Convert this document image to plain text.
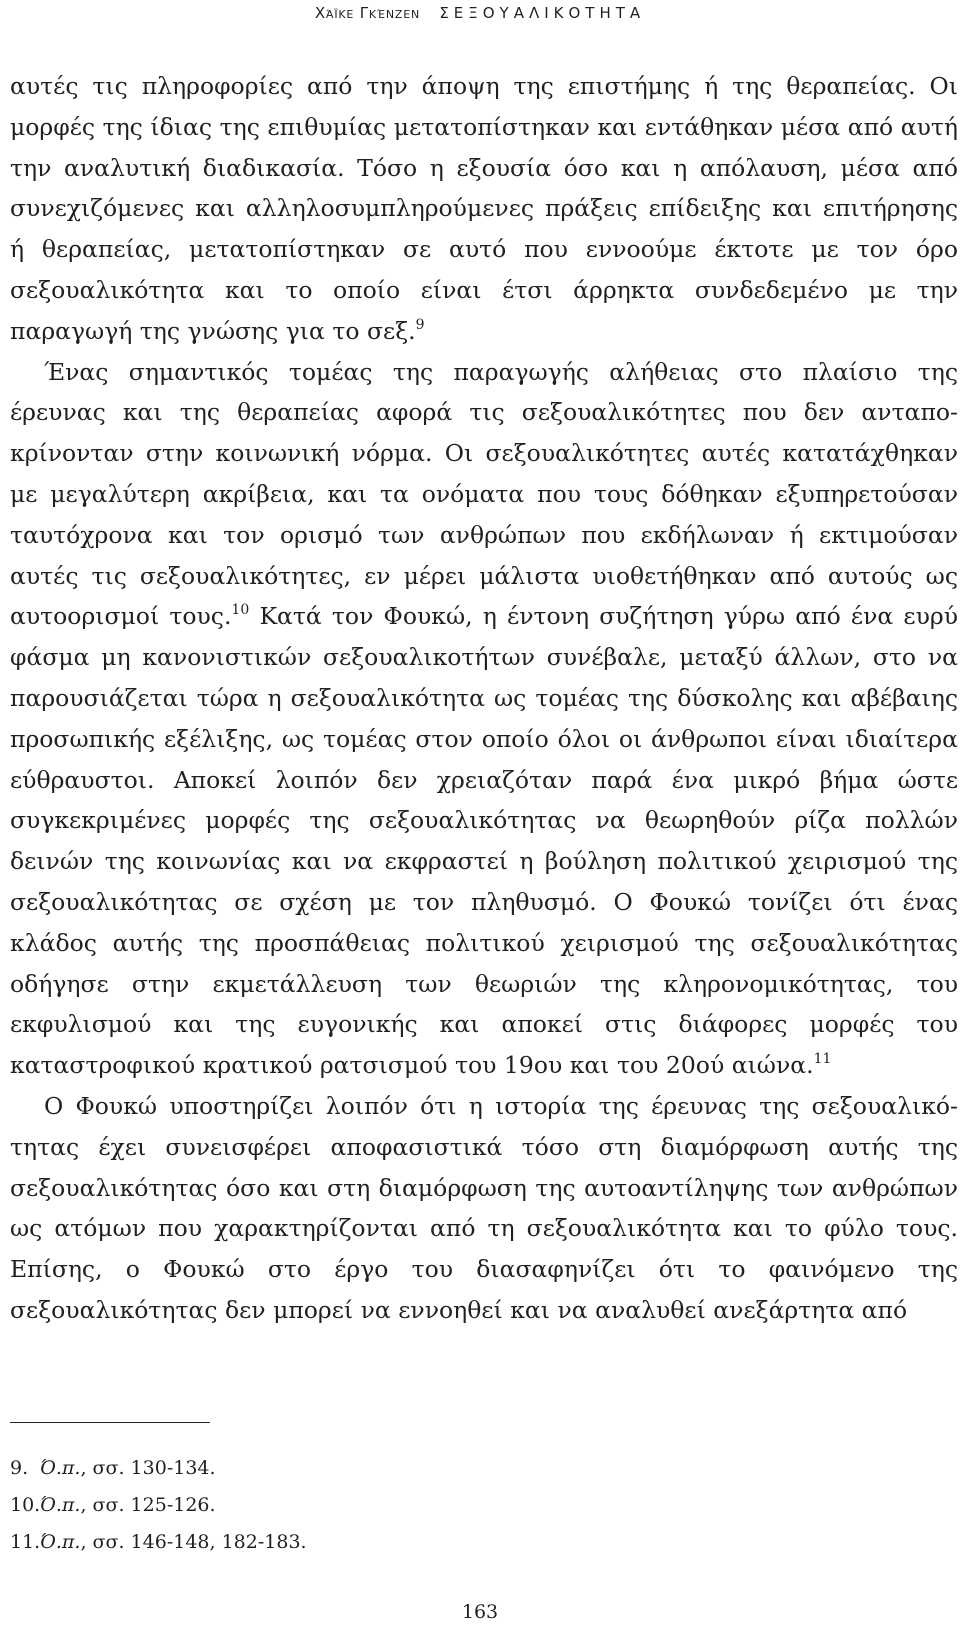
Χάϊκε Γκένζεν ΣΕΞΟΥΑΛΙΚΟΤΗΤΑ

αυτές τις πληροφορίες από την άποψη της επιστήμης ή της θεραπείας. Οι μορφές της ίδιας της επιθυμίας μετατοπίστηκαν και εντάθηκαν μέσα από αυτή την αναλυτική διαδικασία. Τόσο η εξουσία όσο και η απόλαυση, μέσα από συνεχιζόμενες και αλληλοσυμπληρούμενες πράξεις επίδειξης και επιτήρησης ή θεραπείας, μετατοπίστηκαν σε αυτό που εννοούμε έκτοτε με τον όρο σεξουαλικότητα και το οποίο είναι έτσι άρρηκτα συνδεδεμένο με την παραγωγή της γνώσης για το σεξ.$^9$

Ένας σημαντικός τομέας της παραγωγής αλήθειας στο πλαίσιο της έρευνας και της θεραπείας αφορά τις σεξουαλικότητες που δεν ανταποκρίνονταν στην κοινωνική νόρμα. Οι σεξουαλικότητες αυτές κατατάχθηκαν με μεγαλύτερη ακρίβεια, και τα ονόματα που τους δόθηκαν εξυπηρετούσαν ταυτόχρονα και τον ορισμό των ανθρώπων που εκδήλωναν ή εκτιμούσαν αυτές τις σεξουαλικότητες, εν μέρει μάλιστα υιοθετήθηκαν από αυτούς ως αυτοορισμοί τους.$^{10}$ Κατά τον Φουκώ, η έντονη συζήτηση γύρω από ένα ευρύ φάσμα μη κανονιστικών σεξουαλικοτήτων συνέβαλε, μεταξύ άλλων, στο να παρουσιάζεται τώρα η σεξουαλικότητα ως τομέας της δύσκολης και αβέβαιης προσωπικής εξέλιξης, ως τομέας στον οποίο όλοι οι άνθρωποι είναι ιδιαίτερα εύθραυστοι. Αποκεί λοιπόν δεν χρειαζόταν παρά ένα μικρό βήμα ώστε συγκεκριμένες μορφές της σεξουαλικότητας να θεωρηθούν ρίζα πολλών δεινών της κοινωνίας και να εκφραστεί η βούληση πολιτικού χειρισμού της σεξουαλικότητας σε σχέση με τον πληθυσμό. Ο Φουκώ τονίζει ότι ένας κλάδος αυτής της προσπάθειας πολιτικού χειρισμού της σεξουαλικότητας οδήγησε στην εκμετάλλευση των θεωριών της κληρονομικότητας, του εκφυλισμού και της ευγονικής και αποκεί στις διάφορες μορφές του καταστροφικού κρατικού ρατσισμού του 19ου και του 20ού αιώνα.$^{11}$

Ο Φουκώ υποστηρίζει λοιπόν ότι η ιστορία της έρευνας της σεξουαλικότητας έχει συνεισφέρει αποφασιστικά τόσο στη διαμόρφωση αυτής της σεξουαλικότητας όσο και στη διαμόρφωση της αυτοαντίληψης των ανθρώπων ως ατόμων που χαρακτηρίζονται από τη σεξουαλικότητα και το φύλο τους. Επίσης, ο Φουκώ στο έργο του διασαφηνίζει ότι το φαινόμενο της σεξουαλικότητας δεν μπορεί να εννοηθεί και να αναλυθεί ανεξάρτητα από

9. Ό.π., σσ. 130-134.
10.Ό.π., σσ. 125-126.
11.Ό.π., σσ. 146-148, 182-183.
163
